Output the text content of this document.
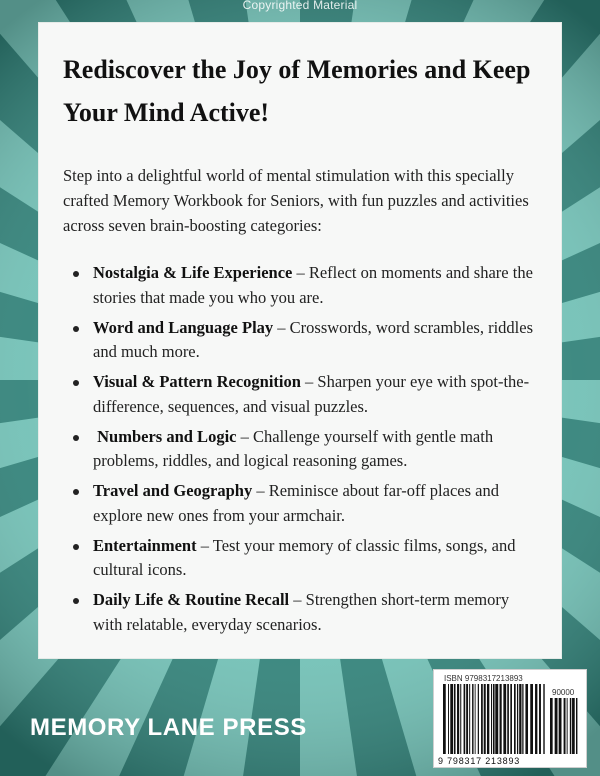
Copyrighted Material
Rediscover the Joy of Memories and Keep Your Mind Active!

Step into a delightful world of mental stimulation with this specially crafted Memory Workbook for Seniors, with fun puzzles and activities across seven brain-boosting categories:

Nostalgia & Life Experience – Reflect on moments and share the stories that made you who you are.
Word and Language Play – Crosswords, word scrambles, riddles and much more.
Visual & Pattern Recognition – Sharpen your eye with spot-the-difference, sequences, and visual puzzles.
Numbers and Logic – Challenge yourself with gentle math problems, riddles, and logical reasoning games.
Travel and Geography – Reminisce about far-off places and explore new ones from your armchair.
Entertainment – Test your memory of classic films, songs, and cultural icons.
Daily Life & Routine Recall – Strengthen short-term memory with relatable, everyday scenarios.
MEMORY LANE PRESS
ISBN 9798317213893
90000
9 798317 213893
